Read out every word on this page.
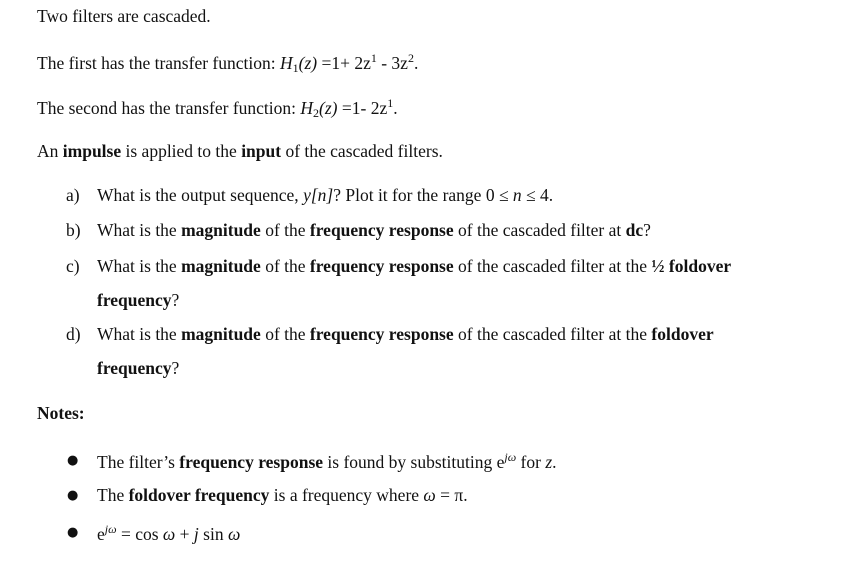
Two filters are cascaded.
The first has the transfer function: $H_1(z) =1+ 2z^1 - 3z^2$.
The second has the transfer function: $H_2(z) =1-$ $2z^1$.
An impulse is applied to the input of the cascaded filters.
a) What is the output sequence, y[n]? Plot it for the range 0 ≤ n ≤ 4.
b) What is the magnitude of the frequency response of the cascaded filter at dc?
c) What is the magnitude of the frequency response of the cascaded filter at the ½ foldover
frequency?
d) What is the magnitude of the frequency response of the cascaded filter at the foldover
frequency?
Notes:
● The filter’s frequency response is found by substituting $e^{j\omega}$ for z.
● The foldover frequency is a frequency where ω = π.
● $e^{j\omega} = \cos \omega + j$ sin ω
